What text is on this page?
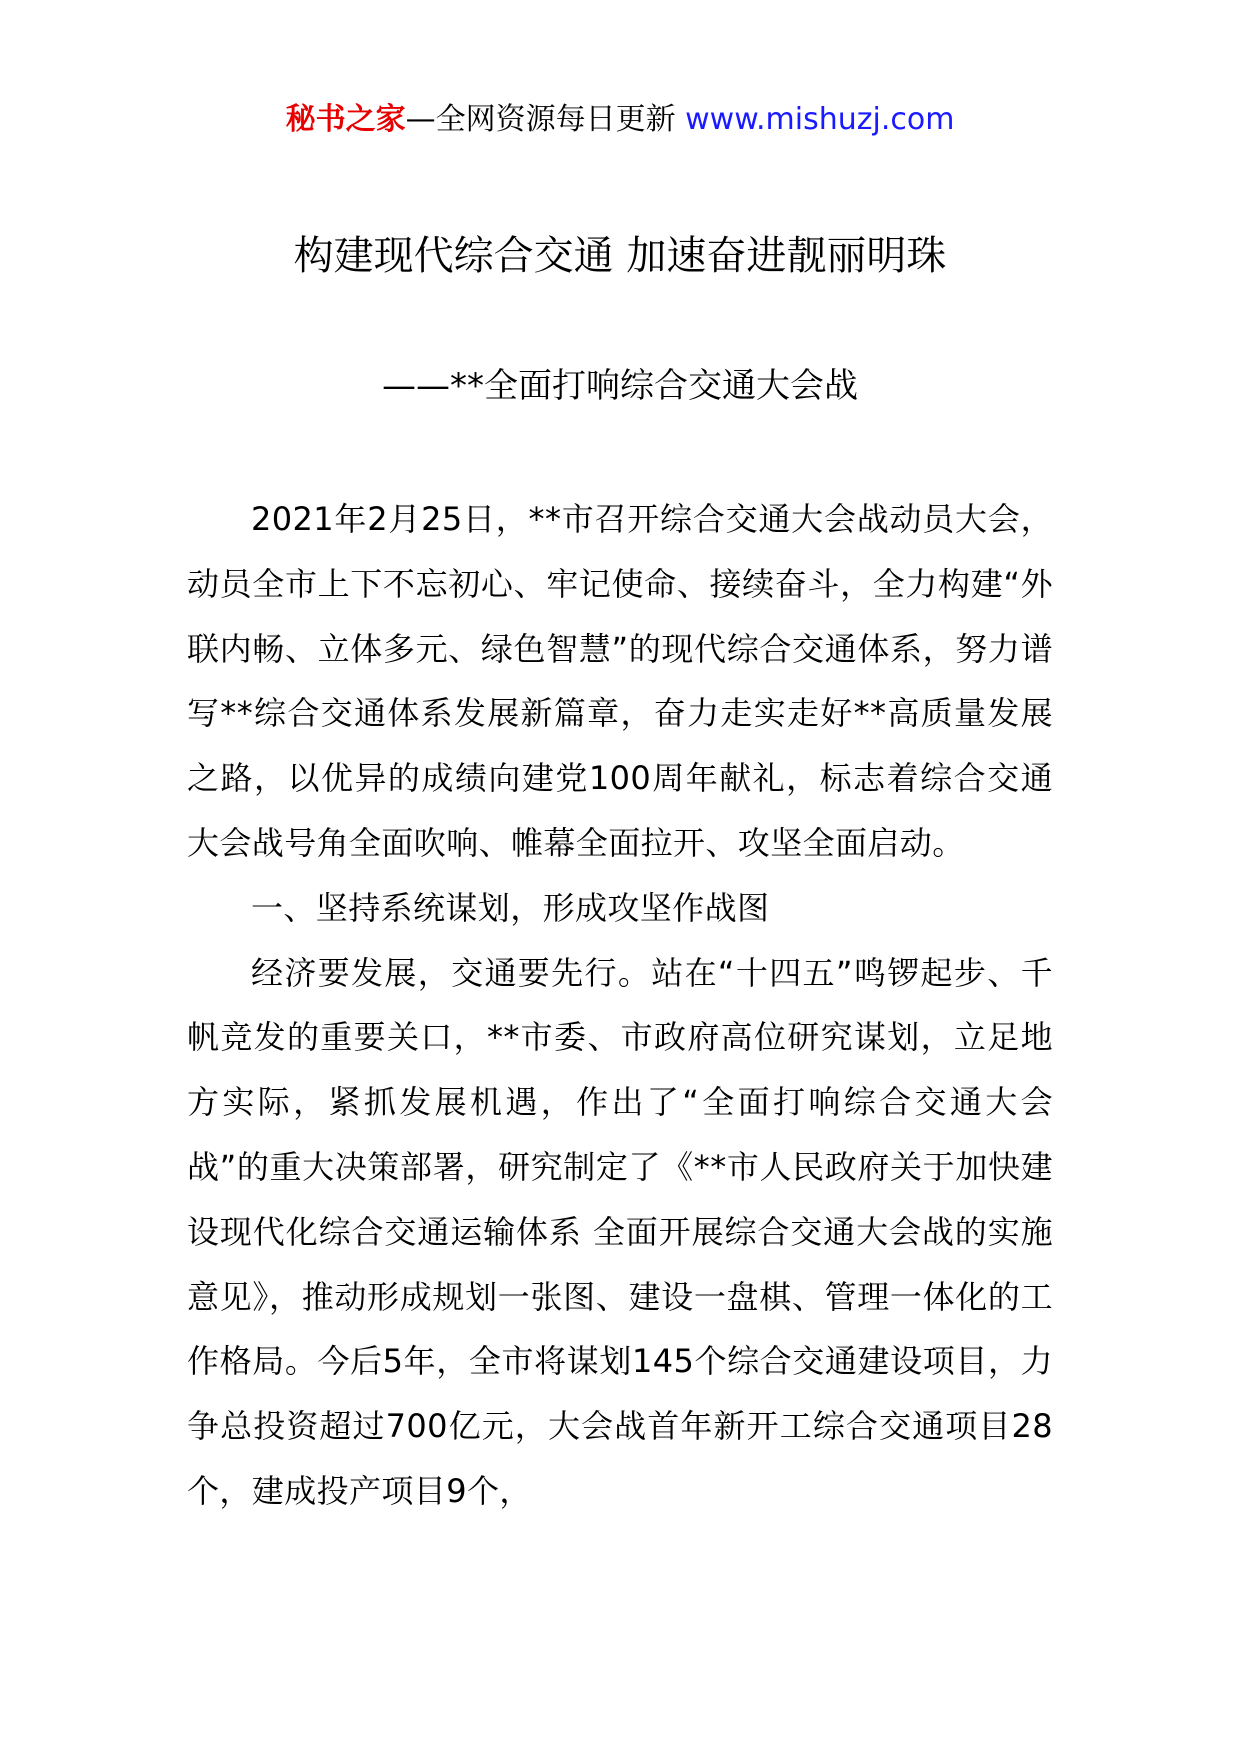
秘书之家—全网资源每日更新 www.mishuzj.com
构建现代综合交通 加速奋进靓丽明珠
——**全面打响综合交通大会战

2021年2月25日，**市召开综合交通大会战动员大会，动员全市上下不忘初心、牢记使命、接续奋斗，全力构建“外联内畅、立体多元、绿色智慧”的现代综合交通体系，努力谱写**综合交通体系发展新篇章，奋力走实走好**高质量发展之路，以优异的成绩向建党100周年献礼，标志着综合交通大会战号角全面吹响、帷幕全面拉开、攻坚全面启动。

一、坚持系统谋划，形成攻坚作战图

经济要发展，交通要先行。站在“十四五”鸣锣起步、千帆竞发的重要关口，**市委、市政府高位研究谋划，立足地方实际，紧抓发展机遇，作出了“全面打响综合交通大会战”的重大决策部署，研究制定了《**市人民政府关于加快建设现代化综合交通运输体系 全面开展综合交通大会战的实施意见》，推动形成规划一张图、建设一盘棋、管理一体化的工作格局。今后5年，全市将谋划145个综合交通建设项目，力争总投资超过700亿元，大会战首年新开工综合交通项目28个，建成投产项目9个，
